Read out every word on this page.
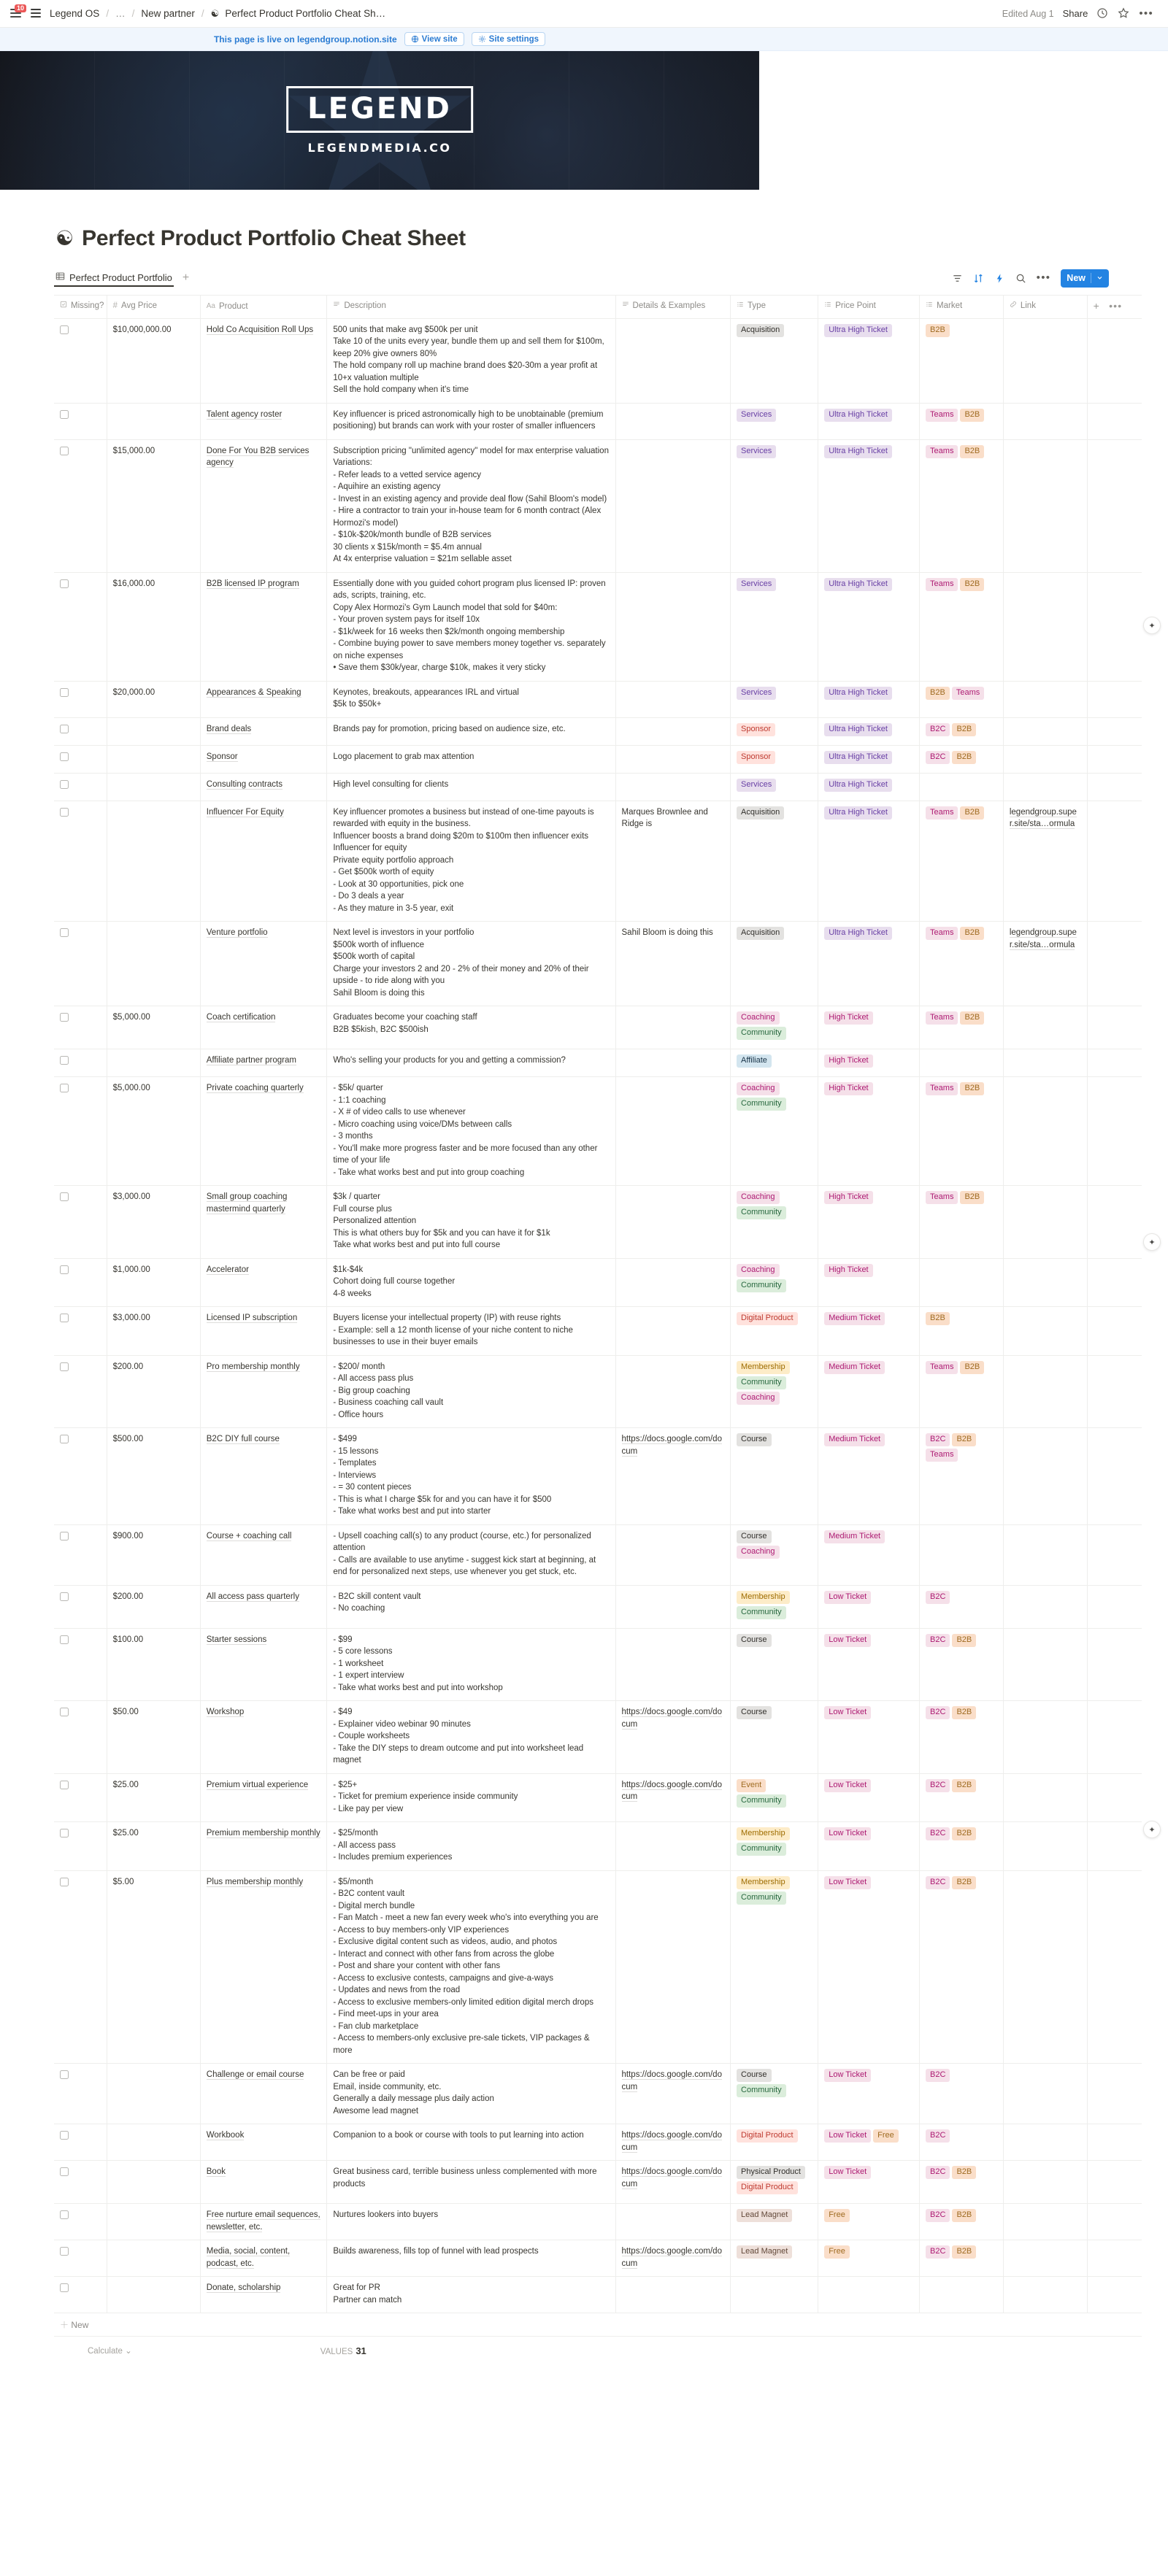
10
Legend OS / … / New partner / ☯ Perfect Product Portfolio Cheat Sh…	Edited Aug 1 Share	•••
This page is live on legendgroup.notion.site	View site	Site settings
LEGEND
LEGENDMEDIA.CO
☯ Perfect Product Portfolio Cheat Sheet
Perfect Product Portfolio +	••• New
Missing?	# Avg Price	Aa Product	Description	Details & Examples	Type	Price Point	Market	Link	+ •••

	$10,000,000.00	Hold Co Acquisition Roll Ups	500 units that make avg $500k per unit
Take 10 of the units every year, bundle them up and sell them for $100m, keep 20% give owners 80%
The hold company roll up machine brand does $20-30m a year profit at 10+x valuation multiple
Sell the hold company when it's time		Acquisition	Ultra High Ticket	B2B		

		Talent agency roster	Key influencer is priced astronomically high to be unobtainable (premium positioning) but brands can work with your roster of smaller influencers		Services	Ultra High Ticket	Teams B2B		

	$15,000.00	Done For You B2B services agency	
Subscription pricing "unlimited agency" model for max enterprise valuation
Variations:
- Refer leads to a vetted service agency
- Aquihire an existing agency
- Invest in an existing agency and provide deal flow (Sahil Bloom's model)
- Hire a contractor to train your in-house team for 6 month contract (Alex Hormozi's model)
- $10k-$20k/month bundle of B2B services
30 clients x $15k/month = $5.4m annual
At 4x enterprise valuation = $21m sellable asset
		Services	Ultra High Ticket	Teams B2B		

	$16,000.00	B2B licensed IP program	Essentially done with you guided cohort program plus licensed IP: proven ads, scripts, training, etc.
Copy Alex Hormozi's Gym Launch model that sold for $40m:
- Your proven system pays for itself 10x
- $1k/week for 16 weeks then $2k/month ongoing membership
- Combine buying power to save members money together vs. separately on niche expenses
• Save them $30k/year, charge $10k, makes it very sticky
		Services	Ultra High Ticket	Teams B2B		

	$20,000.00	Appearances & Speaking	Keynotes, breakouts, appearances IRL and virtual
$5k to $50k+		Services	Ultra High Ticket	B2B Teams		

		Brand deals	Brands pay for promotion, pricing based on audience size, etc.		Sponsor	Ultra High Ticket	B2C B2B		

		Sponsor	Logo placement to grab max attention		Sponsor	Ultra High Ticket	B2C B2B		

		Consulting contracts	High level consulting for clients		Services	Ultra High Ticket			

		Influencer For Equity	Key influencer promotes a business but instead of one-time payouts is rewarded with equity in the business.
Influencer boosts a brand doing $20m to $100m then influencer exits
Influencer for equity
Private equity portfolio approach
- Get $500k worth of equity
- Look at 30 opportunities, pick one
- Do 3 deals a year
- As they mature in 3-5 year, exit
	Marques Brownlee and Ridge is	Acquisition	Ultra High Ticket	Teams B2B	legendgroup.super.site/sta…ormula	

		Venture portfolio	Next level is investors in your portfolio
$500k worth of influence
$500k worth of capital
Charge your investors 2 and 20 - 2% of their money and 20% of their upside - to ride along with you
Sahil Bloom is doing this	Sahil Bloom is doing this	Acquisition	Ultra High Ticket	Teams B2B	legendgroup.super.site/sta…ormula	

	$5,000.00	Coach certification	Graduates become your coaching staff
B2B $5kish, B2C $500ish		CoachingCommunity	High Ticket	Teams B2B		

		Affiliate partner program	Who's selling your products for you and getting a commission?		Affiliate	High Ticket			

	$5,000.00	Private coaching quarterly	- $5k/ quarter
- 1:1 coaching
- X # of video calls to use whenever
- Micro coaching using voice/DMs between calls
- 3 months
- You'll make more progress faster and be more focused than any other time of your life
- Take what works best and put into group coaching
		CoachingCommunity	High Ticket	Teams B2B		

	$3,000.00	Small group coaching mastermind quarterly	$3k / quarter
Full course plus
Personalized attention
This is what others buy for $5k and you can have it for $1k
Take what works best and put into full course		CoachingCommunity	High Ticket	Teams B2B		

	$1,000.00	Accelerator	$1k-$4k
Cohort doing full course together
4-8 weeks		CoachingCommunity	High Ticket			

	$3,000.00	Licensed IP subscription	Buyers license your intellectual property (IP) with reuse rights
- Example: sell a 12 month license of your niche content to niche businesses to use in their buyer emails		Digital Product	Medium Ticket	B2B		

	$200.00	Pro membership monthly	- $200/ month
- All access pass plus
- Big group coaching
- Business coaching call vault
- Office hours		MembershipCommunityCoaching	Medium Ticket	Teams B2B		

	$500.00	B2C DIY full course	- $499
- 15 lessons
- Templates
- Interviews
- = 30 content pieces
- This is what I charge $5k for and you can have it for $500
- Take what works best and put into starter
	https://docs.google.com/docum	Course	Medium Ticket	B2C B2BTeams		

	$900.00	Course + coaching call	- Upsell coaching call(s) to any product (course, etc.) for personalized attention
- Calls are available to use anytime - suggest kick start at beginning, at end for personalized next steps, use whenever you get stuck, etc.		CourseCoaching	Medium Ticket			

	$200.00	All access pass quarterly	- B2C skill content vault
- No coaching		MembershipCommunity	Low Ticket	B2C		

	$100.00	Starter sessions	- $99
- 5 core lessons
- 1 worksheet
- 1 expert interview
- Take what works best and put into workshop		Course	Low Ticket	B2C B2B		

	$50.00	Workshop	- $49
- Explainer video webinar 90 minutes
- Couple worksheets
- Take the DIY steps to dream outcome and put into worksheet lead magnet	https://docs.google.com/docum	Course	Low Ticket	B2C B2B		

	$25.00	Premium virtual experience	- $25+
- Ticket for premium experience inside community
- Like pay per view	https://docs.google.com/docum	EventCommunity	Low Ticket	B2C B2B		

	$25.00	Premium membership monthly	- $25/month
- All access pass
- Includes premium experiences		MembershipCommunity	Low Ticket	B2C B2B		

	$5.00	Plus membership monthly	- $5/month
- B2C content vault
- Digital merch bundle
- Fan Match - meet a new fan every week who's into everything you are
- Access to buy members-only VIP experiences
- Exclusive digital content such as videos, audio, and photos
- Interact and connect with other fans from across the globe
- Post and share your content with other fans
- Access to exclusive contests, campaigns and give-a-ways
- Updates and news from the road
- Access to exclusive members-only limited edition digital merch drops
- Find meet-ups in your area
- Fan club marketplace
- Access to members-only exclusive pre-sale tickets, VIP packages & more
		MembershipCommunity	Low Ticket	B2C B2B		

		Challenge or email course	Can be free or paid
Email, inside community, etc.
Generally a daily message plus daily action
Awesome lead magnet	https://docs.google.com/docum	CourseCommunity	Low Ticket	B2C		

		Workbook	Companion to a book or course with tools to put learning into action	https://docs.google.com/docum	Digital Product	Low Ticket Free	B2C		

		Book	Great business card, terrible business unless complemented with more products	https://docs.google.com/docum	Physical ProductDigital Product	Low Ticket	B2C B2B		

		Free nurture email sequences, newsletter, etc.	Nurtures lookers into buyers		Lead Magnet	Free	B2C B2B		

		Media, social, content, podcast, etc.	Builds awareness, fills top of funnel with lead prospects	https://docs.google.com/docum	Lead Magnet	Free	B2C B2B		

		Donate, scholarship	Great for PR
Partner can match						

＋ New
Calculate ⌄	VALUES 31
✦
✦
✦
